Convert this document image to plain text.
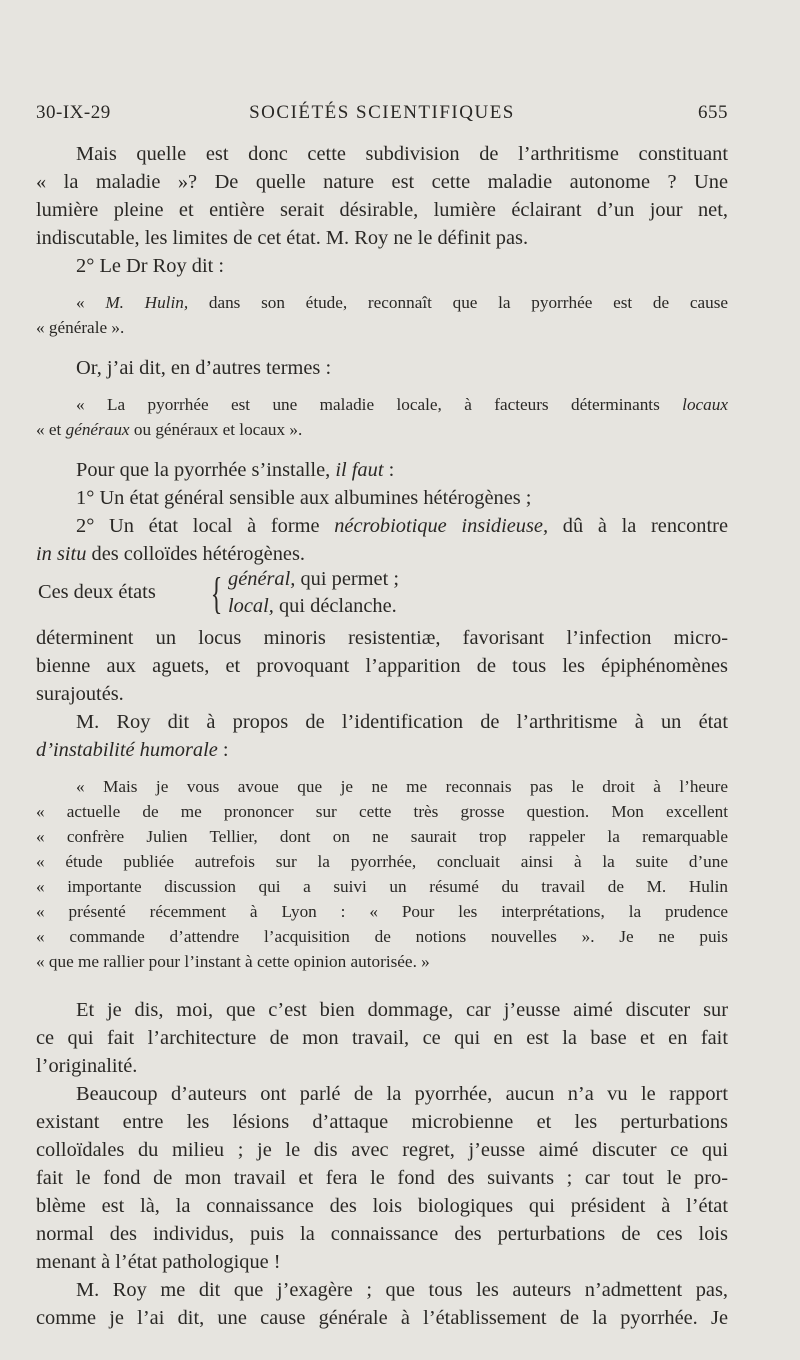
30-IX-29	SOCIÉTÉS SCIENTIFIQUES	655
Mais quelle est donc cette subdivision de l’arthritisme constituant
« la maladie »? De quelle nature est cette maladie autonome ? Une
lumière pleine et entière serait désirable, lumière éclairant d’un jour net,
indiscutable, les limites de cet état. M. Roy ne le définit pas.
2° Le Dr Roy dit :
« M. Hulin, dans son étude, reconnaît que la pyorrhée est de cause
« générale ».
Or, j’ai dit, en d’autres termes :
« La pyorrhée est une maladie locale, à facteurs déterminants locaux
« et généraux ou généraux et locaux ».
Pour que la pyorrhée s’installe, il faut :
1° Un état général sensible aux albumines hétérogènes ;
2° Un état local à forme nécrobiotique insidieuse, dû à la rencontre
in situ des colloïdes hétérogènes.
Ces deux états { général, qui permet ;
local, qui déclanche.
déterminent un locus minoris resistentiæ, favorisant l’infection micro-
bienne aux aguets, et provoquant l’apparition de tous les épiphénomènes
surajoutés.
M. Roy dit à propos de l’identification de l’arthritisme à un état
d’instabilité humorale :
« Mais je vous avoue que je ne me reconnais pas le droit à l’heure
« actuelle de me prononcer sur cette très grosse question. Mon excellent
« confrère Julien Tellier, dont on ne saurait trop rappeler la remarquable
« étude publiée autrefois sur la pyorrhée, concluait ainsi à la suite d’une
« importante discussion qui a suivi un résumé du travail de M. Hulin
« présenté récemment à Lyon : « Pour les interprétations, la prudence
« commande d’attendre l’acquisition de notions nouvelles ». Je ne puis
« que me rallier pour l’instant à cette opinion autorisée. »
Et je dis, moi, que c’est bien dommage, car j’eusse aimé discuter sur
ce qui fait l’architecture de mon travail, ce qui en est la base et en fait
l’originalité.
Beaucoup d’auteurs ont parlé de la pyorrhée, aucun n’a vu le rapport
existant entre les lésions d’attaque microbienne et les perturbations
colloïdales du milieu ; je le dis avec regret, j’eusse aimé discuter ce qui
fait le fond de mon travail et fera le fond des suivants ; car tout le pro-
blème est là, la connaissance des lois biologiques qui président à l’état
normal des individus, puis la connaissance des perturbations de ces lois
menant à l’état pathologique !
M. Roy me dit que j’exagère ; que tous les auteurs n’admettent pas,
comme je l’ai dit, une cause générale à l’établissement de la pyorrhée. Je
